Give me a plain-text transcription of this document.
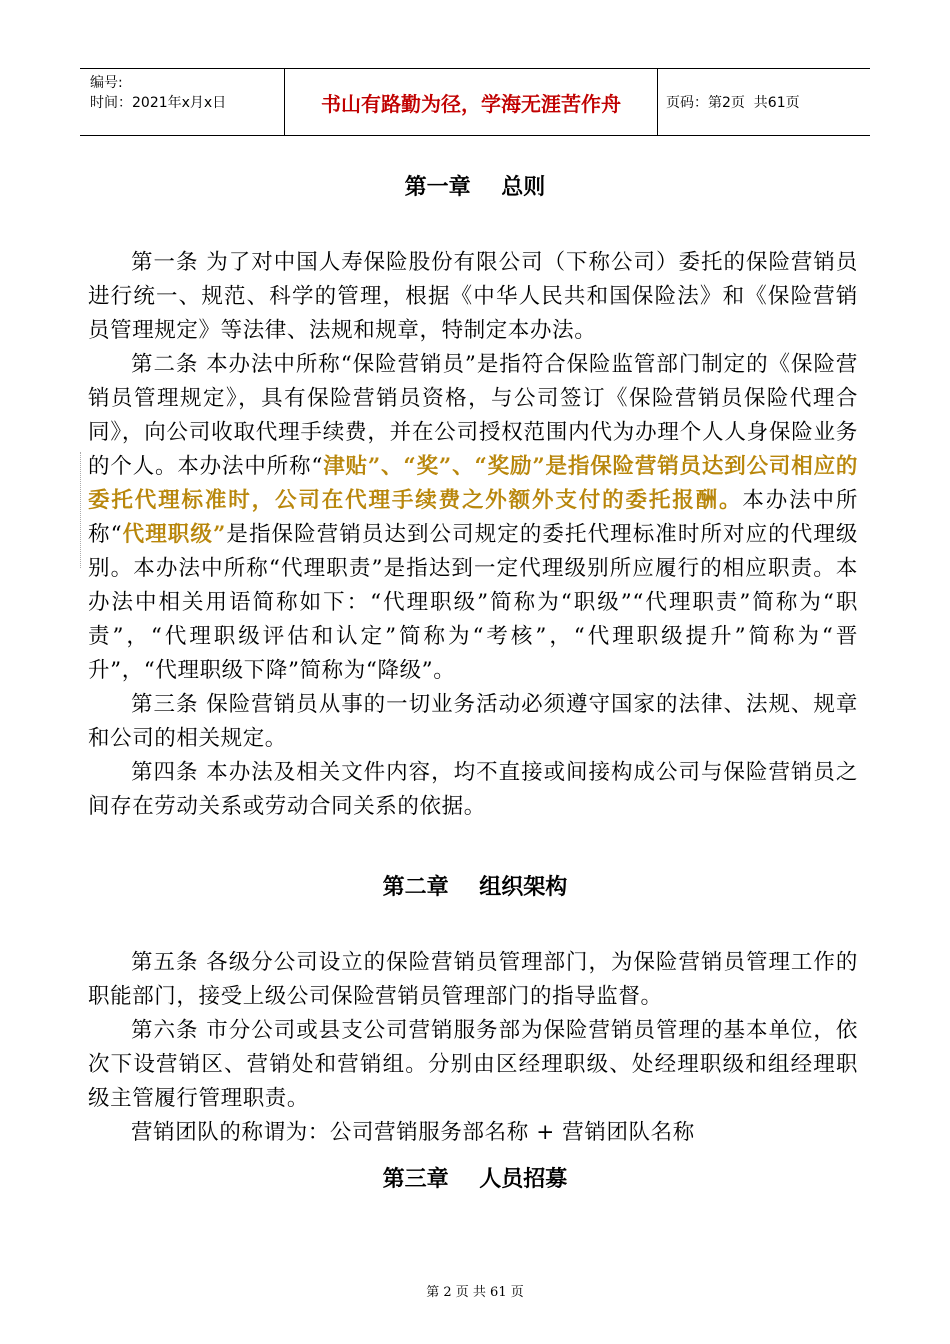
编号:
时间：2021年x月x日	书山有路勤为径，学海无涯苦作舟	页码：第2页  共61页
第一章    总则

第一条 为了对中国人寿保险股份有限公司（下称公司）委托的保险营销员进行统一、规范、科学的管理，根据《中华人民共和国保险法》和《保险营销员管理规定》等法律、法规和规章，特制定本办法。

第二条 本办法中所称“保险营销员”是指符合保险监管部门制定的《保险营销员管理规定》，具有保险营销员资格，与公司签订《保险营销员保险代理合同》，向公司收取代理手续费，并在公司授权范围内代为办理个人人身保险业务的个人。本办法中所称“津贴”、“奖”、“奖励”是指保险营销员达到公司相应的委托代理标准时，公司在代理手续费之外额外支付的委托报酬。本办法中所称“代理职级”是指保险营销员达到公司规定的委托代理标准时所对应的代理级别。本办法中所称“代理职责”是指达到一定代理级别所应履行的相应职责。本办法中相关用语简称如下：“代理职级”简称为“职级”“代理职责”简称为“职责”，“代理职级评估和认定”简称为“考核”，“代理职级提升”简称为“晋升”，“代理职级下降”简称为“降级”。

第三条 保险营销员从事的一切业务活动必须遵守国家的法律、法规、规章和公司的相关规定。

第四条 本办法及相关文件内容，均不直接或间接构成公司与保险营销员之间存在劳动关系或劳动合同关系的依据。

第二章    组织架构

第五条 各级分公司设立的保险营销员管理部门，为保险营销员管理工作的职能部门，接受上级公司保险营销员管理部门的指导监督。

第六条 市分公司或县支公司营销服务部为保险营销员管理的基本单位，依次下设营销区、营销处和营销组。分别由区经理职级、处经理职级和组经理职级主管履行管理职责。

营销团队的称谓为：公司营销服务部名称 + 营销团队名称

第三章    人员招募
第 2 页 共 61 页
